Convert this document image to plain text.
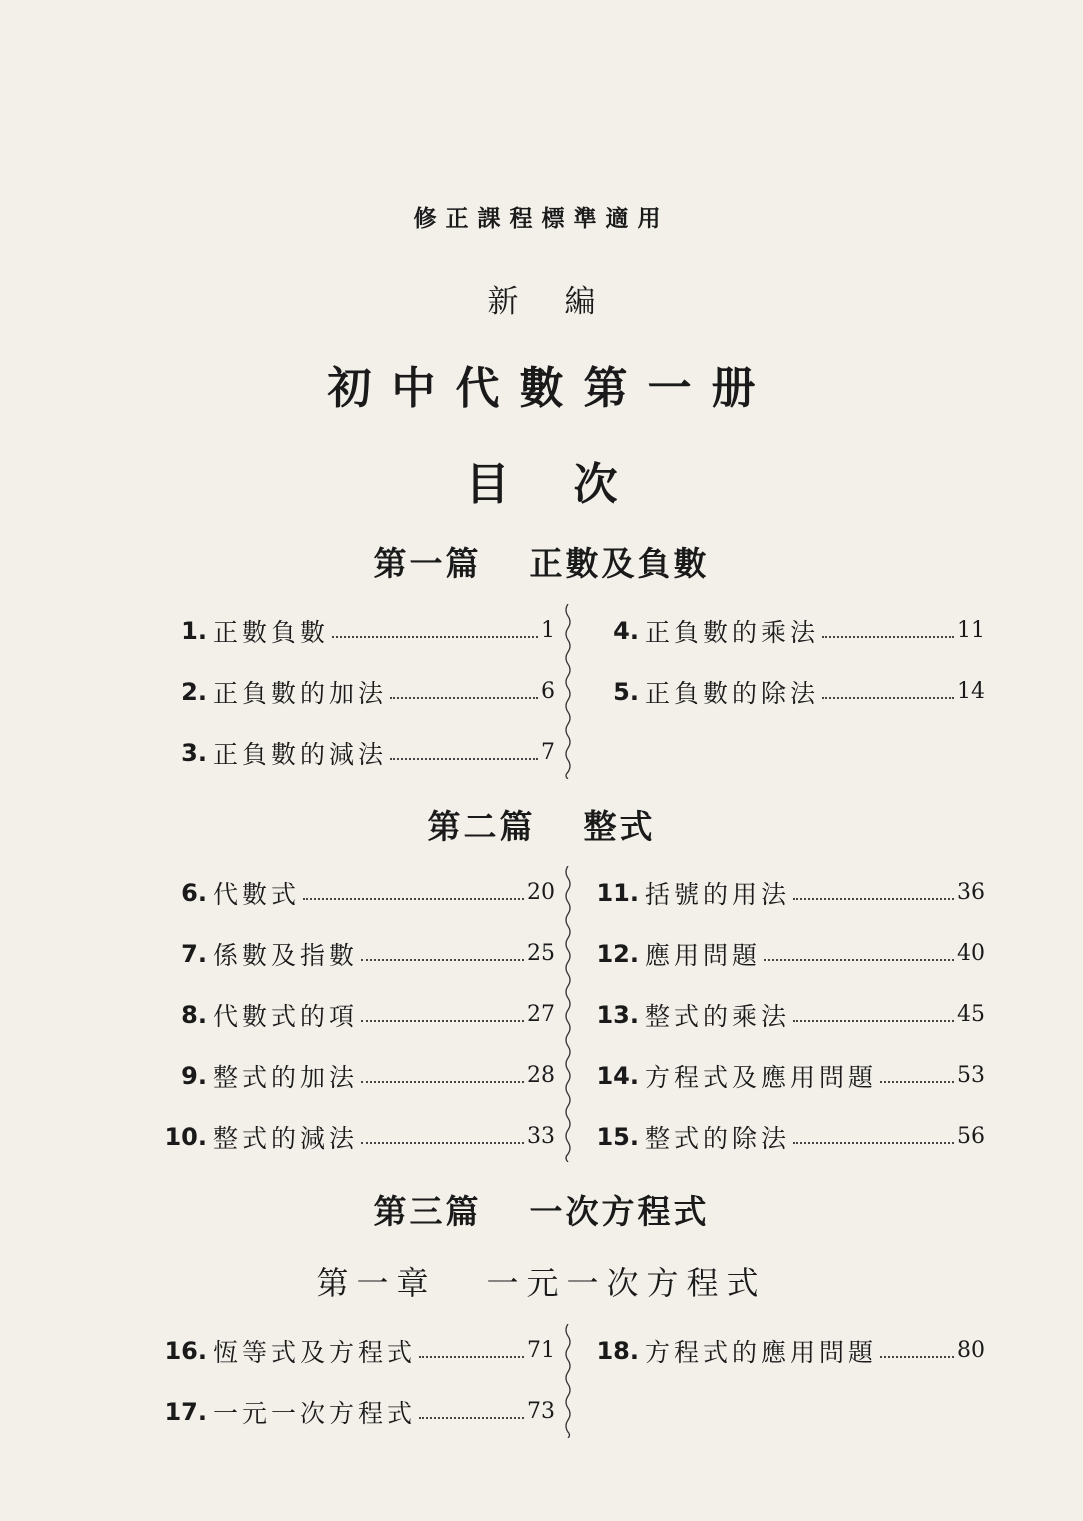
修正課程標準適用
新編
初中代數第一册
目次
第一篇 正數及負數
1. 正數負數	1
2. 正負數的加法	6
3. 正負數的減法	7
4. 正負數的乘法	11
5. 正負數的除法	14
第二篇 整式
6. 代數式	20
7. 係數及指數	25
8. 代數式的項	27
9. 整式的加法	28
10. 整式的減法	33
11. 括號的用法	36
12. 應用問題	40
13. 整式的乘法	45
14. 方程式及應用問題	53
15. 整式的除法	56
第三篇 一次方程式
第一章 一元一次方程式
16. 恆等式及方程式	71
17. 一元一次方程式	73
18. 方程式的應用問題	80
